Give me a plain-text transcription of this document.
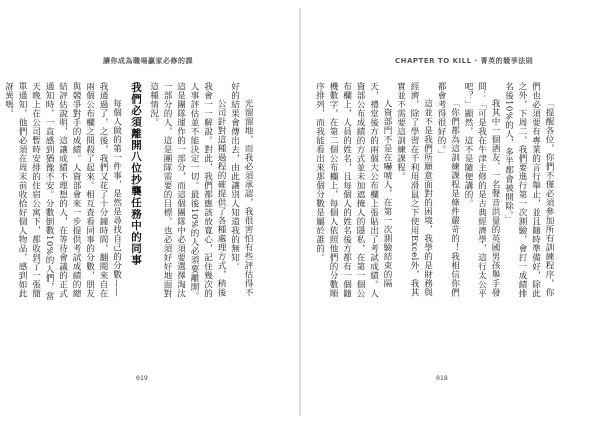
讓你成為職場贏家必修的課

光溜溜地，而我必須承認，我很害怕有些評估得不好的結果會傳出去，由此讓別人知道我的無知。

公司針對這種過程的確提供了各種處理方式，稍後我會一一解說。對此，我們都應該放寬心，記住幾次的人事評估並不能決定一切。最後10%的人必須要離開。這是團隊運作的一部分，而這個團隊中必須要選擇淘汰一部分的人，這是團隊需要的目標，也必須好好地面對這種情況。

我們必須離開八位抄襲任務中的同事

每個人做的第一件事，是然是尋找自己的分數——我通過了，之後，我們又花了十分鐘時間，翻閱來自在兩個公布欄之間殺了起來。相互查看同事的分數，朋友與競爭對手的成績。人資部會來一步提供考試成績的總結評估說明，這讓成績不理想的人，在等待會議的正式通知時，一直感到猶豫不安。分數倒數10%的人們，當天晚上在公司暫時安排的住宿公寓下，都收到了一張簡單通知，他們必須在周末前收拾好個人物品，感到如此訝異嗎。

019
CHAPTER TO KILL · 菁英的競爭法則

「提醒各位，你們不僅必須參加所有訓練程序，你們也必須要有專業的言行舉止，並且隨時準備好，除此之外，下周二，我們要進行第一次測驗，會打一成績排名後10%的人，多半都會被開除。」

我其中一個酒友，一名聲音洪量的英國男孩舉手發問：「可是我在牛津主修的是古典經濟學，這行太公平吧？」顯然，這不是隨便講的。

「你們都為這訓練課程是條件嚴苛的！我相信你們都會考得很好的。」

這並不是我們所願意面對的困境，我學的是財務與經濟，除了學習在千利用滑鼠之下使用Excel外，我其實並不需要這訓練課程。

人資部門不是在嚇唬人，在第一次測驗結束的隔天，禮堂後方的兩個大公布欄上張貼出了考試成績。人資部公布成績的方式並未加遮掩人的隱私，在第一個公布欄上，人員的姓名，且每個人的姓名後方都有一個隨機數字，在第二個公布欄上，每個人依照他們的分數順序排列，而我能看出來那個分數是屬於誰的。

018
